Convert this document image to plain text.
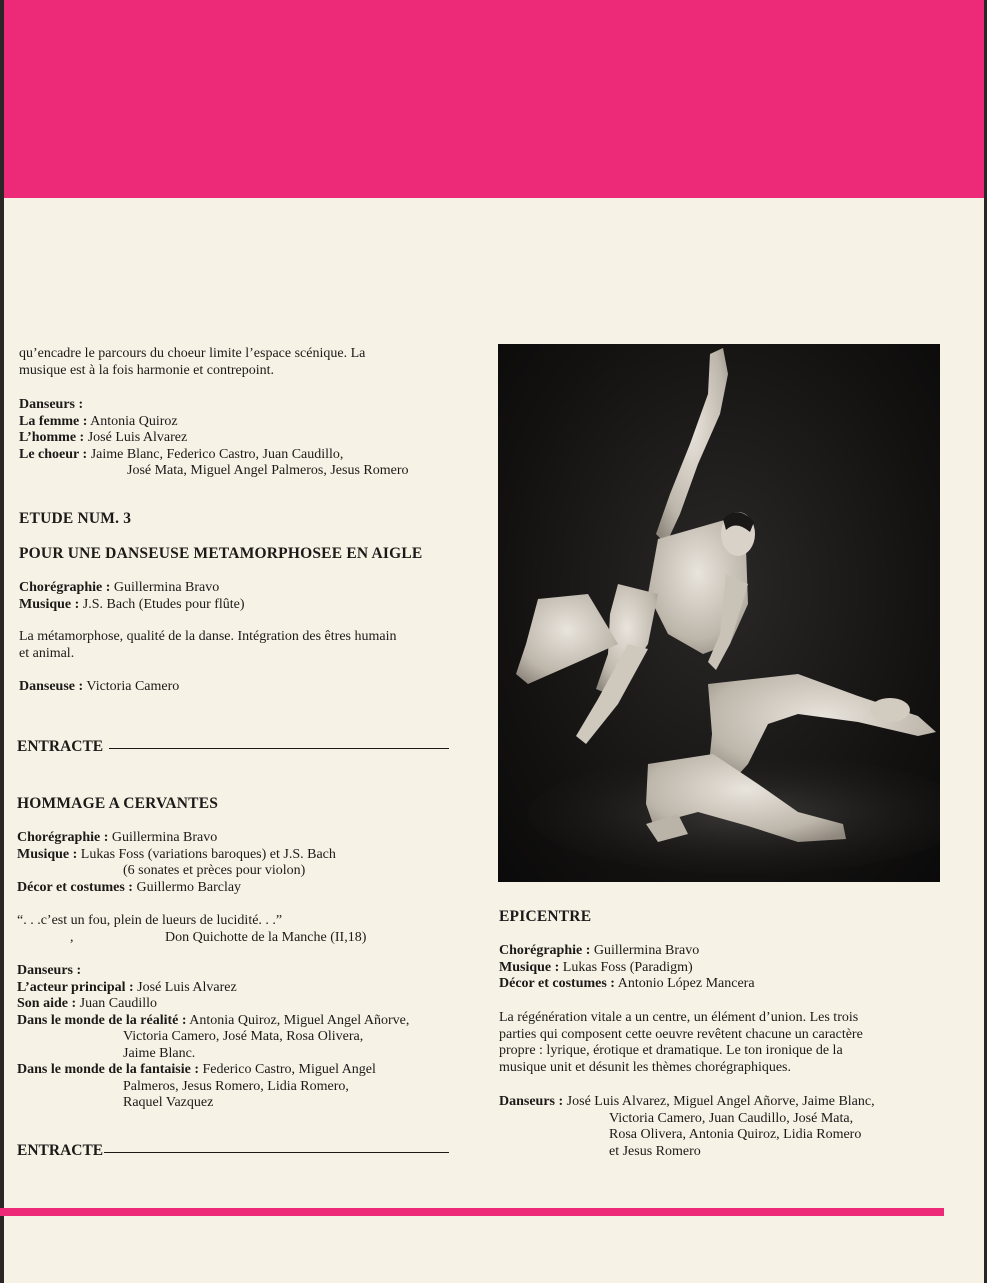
qu’encadre le parcours du choeur limite l’espace scénique. La

musique est à la fois harmonie et contrepoint.

Danseurs :

La femme : Antonia Quiroz

L’homme : José Luis Alvarez

Le choeur : Jaime Blanc, Federico Castro, Juan Caudillo,

José Mata, Miguel Angel Palmeros, Jesus Romero

ETUDE NUM. 3
POUR UNE DANSEUSE METAMORPHOSEE EN AIGLE

Chorégraphie : Guillermina Bravo

Musique : J.S. Bach (Etudes pour flûte)

La métamorphose, qualité de la danse. Intégration des êtres humain

et animal.

Danseuse : Victoria Camero

ENTRACTE
HOMMAGE A CERVANTES

Chorégraphie : Guillermina Bravo

Musique : Lukas Foss (variations baroques) et J.S. Bach

(6 sonates et prèces pour violon)

Décor et costumes : Guillermo Barclay

“. . .c’est un fou, plein de lueurs de lucidité. . .”

,	Don Quichotte de la Manche (II,18)

Danseurs :

L’acteur principal : José Luis Alvarez

Son aide : Juan Caudillo

Dans le monde de la réalité : Antonia Quiroz, Miguel Angel Añorve,

Victoria Camero, José Mata, Rosa Olivera,

Jaime Blanc.

Dans le monde de la fantaisie : Federico Castro, Miguel Angel

Palmeros, Jesus Romero, Lidia Romero,

Raquel Vazquez

ENTRACTE
EPICENTRE

Chorégraphie : Guillermina Bravo

Musique : Lukas Foss (Paradigm)

Décor et costumes : Antonio López Mancera

La régénération vitale a un centre, un élément d’union. Les trois

parties qui composent cette oeuvre revêtent chacune un caractère

propre : lyrique, érotique et dramatique. Le ton ironique de la

musique unit et désunit les thèmes chorégraphiques.

Danseurs : José Luis Alvarez, Miguel Angel Añorve, Jaime Blanc,

Victoria Camero, Juan Caudillo, José Mata,

Rosa Olivera, Antonia Quiroz, Lidia Romero

et Jesus Romero
